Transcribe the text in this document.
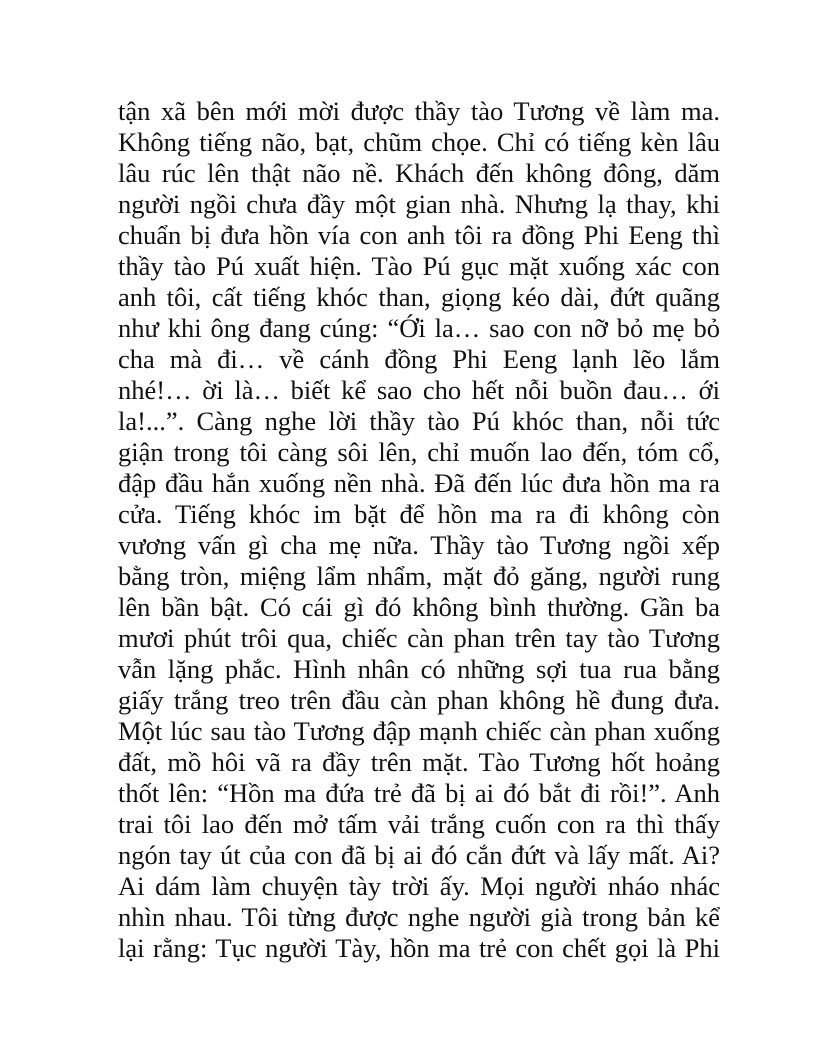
tận xã bên mới mời được thầy tào Tương về làm ma.
Không tiếng não, bạt, chũm chọe. Chỉ có tiếng kèn lâu
lâu rúc lên thật não nề. Khách đến không đông, dăm
người ngồi chưa đầy một gian nhà. Nhưng lạ thay, khi
chuẩn bị đưa hồn vía con anh tôi ra đồng Phi Eeng thì
thầy tào Pú xuất hiện. Tào Pú gục mặt xuống xác con
anh tôi, cất tiếng khóc than, giọng kéo dài, đứt quãng
như khi ông đang cúng: “Ới la… sao con nỡ bỏ mẹ bỏ
cha mà đi… về cánh đồng Phi Eeng lạnh lẽo lắm
nhé!… ời là… biết kể sao cho hết nỗi buồn đau… ới
la!...”. Càng nghe lời thầy tào Pú khóc than, nỗi tức
giận trong tôi càng sôi lên, chỉ muốn lao đến, tóm cổ,
đập đầu hắn xuống nền nhà. Đã đến lúc đưa hồn ma ra
cửa. Tiếng khóc im bặt để hồn ma ra đi không còn
vương vấn gì cha mẹ nữa. Thầy tào Tương ngồi xếp
bằng tròn, miệng lẩm nhẩm, mặt đỏ găng, người rung
lên bần bật. Có cái gì đó không bình thường. Gần ba
mươi phút trôi qua, chiếc càn phan trên tay tào Tương
vẫn lặng phắc. Hình nhân có những sợi tua rua bằng
giấy trắng treo trên đầu càn phan không hề đung đưa.
Một lúc sau tào Tương đập mạnh chiếc càn phan xuống
đất, mồ hôi vã ra đầy trên mặt. Tào Tương hốt hoảng
thốt lên: “Hồn ma đứa trẻ đã bị ai đó bắt đi rồi!”. Anh
trai tôi lao đến mở tấm vải trắng cuốn con ra thì thấy
ngón tay út của con đã bị ai đó cắn đứt và lấy mất. Ai?
Ai dám làm chuyện tày trời ấy. Mọi người nháo nhác
nhìn nhau. Tôi từng được nghe người già trong bản kể
lại rằng: Tục người Tày, hồn ma trẻ con chết gọi là Phi
